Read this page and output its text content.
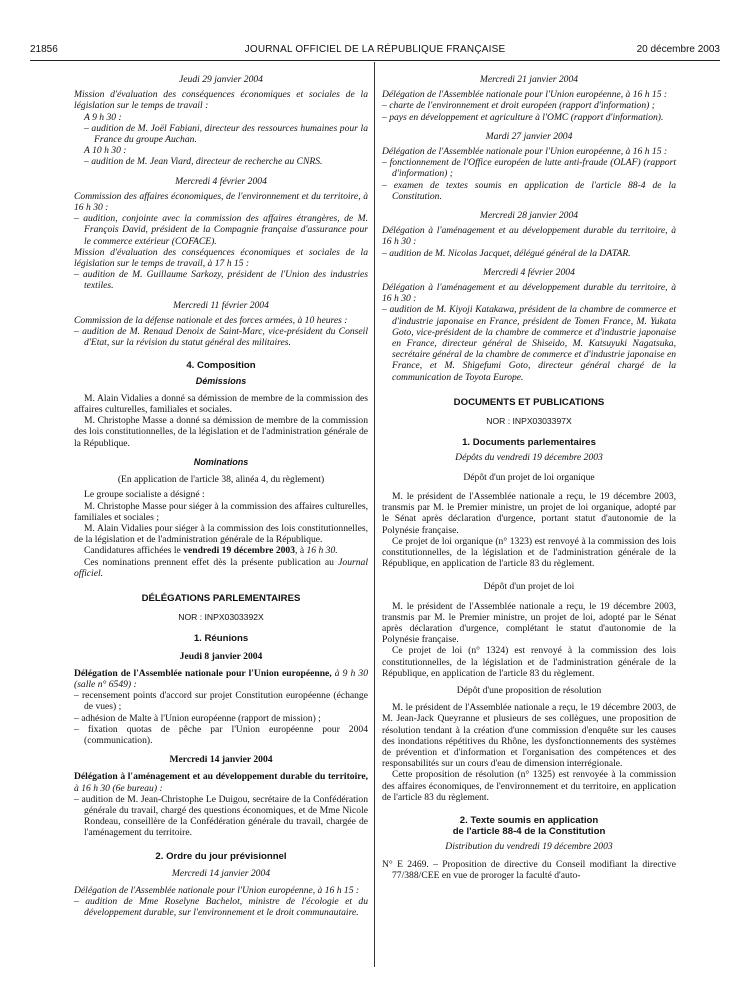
21856	JOURNAL OFFICIEL DE LA RÉPUBLIQUE FRANÇAISE	20 décembre 2003

Jeudi 29 janvier 2004

Mission d'évaluation des conséquences économiques et sociales de la législation sur le temps de travail :

A 9 h 30 :

– audition de M. Joël Fabiani, directeur des ressources humaines pour la France du groupe Auchan.

A 10 h 30 :

– audition de M. Jean Viard, directeur de recherche au CNRS.

Mercredi 4 février 2004

Commission des affaires économiques, de l'environnement et du territoire, à 16 h 30 :

– audition, conjointe avec la commission des affaires étrangères, de M. François David, président de la Compagnie française d'assurance pour le commerce extérieur (COFACE).

Mission d'évaluation des conséquences économiques et sociales de la législation sur le temps de travail, à 17 h 15 :

– audition de M. Guillaume Sarkozy, président de l'Union des industries textiles.

Mercredi 11 février 2004

Commission de la défense nationale et des forces armées, à 10 heures :

– audition de M. Renaud Denoix de Saint-Marc, vice-président du Conseil d'Etat, sur la révision du statut général des militaires.

4. Composition

Démissions

M. Alain Vidalies a donné sa démission de membre de la commission des affaires culturelles, familiales et sociales.

M. Christophe Masse a donné sa démission de membre de la commission des lois constitutionnelles, de la législation et de l'administration générale de la République.

Nominations

(En application de l'article 38, alinéa 4, du règlement)

Le groupe socialiste a désigné :

M. Christophe Masse pour siéger à la commission des affaires culturelles, familiales et sociales ;

M. Alain Vidalies pour siéger à la commission des lois constitutionnelles, de la législation et de l'administration générale de la République.

Candidatures affichées le vendredi 19 décembre 2003, à 16 h 30.

Ces nominations prennent effet dès la présente publication au Journal officiel.

DÉLÉGATIONS PARLEMENTAIRES

NOR : INPX0303392X

1. Réunions

Jeudi 8 janvier 2004

Délégation de l'Assemblée nationale pour l'Union européenne, à 9 h 30 (salle n° 6549) :

– recensement points d'accord sur projet Constitution européenne (échange de vues) ;

– adhésion de Malte à l'Union européenne (rapport de mission) ;

– fixation quotas de pêche par l'Union européenne pour 2004 (communication).

Mercredi 14 janvier 2004

Délégation à l'aménagement et au développement durable du territoire, à 16 h 30 (6e bureau) :

– audition de M. Jean-Christophe Le Duigou, secrétaire de la Confédération générale du travail, chargé des questions économiques, et de Mme Nicole Rondeau, conseillère de la Confédération générale du travail, chargée de l'aménagement du territoire.

2. Ordre du jour prévisionnel

Mercredi 14 janvier 2004

Délégation de l'Assemblée nationale pour l'Union européenne, à 16 h 15 :

– audition de Mme Roselyne Bachelot, ministre de l'écologie et du développement durable, sur l'environnement et le droit communautaire.

Mercredi 21 janvier 2004

Délégation de l'Assemblée nationale pour l'Union européenne, à 16 h 15 :

– charte de l'environnement et droit européen (rapport d'information) ;

– pays en développement et agriculture à l'OMC (rapport d'information).

Mardi 27 janvier 2004

Délégation de l'Assemblée nationale pour l'Union européenne, à 16 h 15 :

– fonctionnement de l'Office européen de lutte anti-fraude (OLAF) (rapport d'information) ;

– examen de textes soumis en application de l'article 88-4 de la Constitution.

Mercredi 28 janvier 2004

Délégation à l'aménagement et au développement durable du territoire, à 16 h 30 :

– audition de M. Nicolas Jacquet, délégué général de la DATAR.

Mercredi 4 février 2004

Délégation à l'aménagement et au développement durable du territoire, à 16 h 30 :

– audition de M. Kiyoji Katakawa, président de la chambre de commerce et d'industrie japonaise en France, président de Tomen France, M. Yukata Goto, vice-président de la chambre de commerce et d'industrie japonaise en France, directeur général de Shiseido, M. Katsuyuki Nagatsuka, secrétaire général de la chambre de commerce et d'industrie japonaise en France, et M. Shigefumi Goto, directeur général chargé de la communication de Toyota Europe.

DOCUMENTS ET PUBLICATIONS

NOR : INPX0303397X

1. Documents parlementaires

Dépôts du vendredi 19 décembre 2003

Dépôt d'un projet de loi organique

M. le président de l'Assemblée nationale a reçu, le 19 décembre 2003, transmis par M. le Premier ministre, un projet de loi organique, adopté par le Sénat après déclaration d'urgence, portant statut d'autonomie de la Polynésie française.

Ce projet de loi organique (n° 1323) est renvoyé à la commission des lois constitutionnelles, de la législation et de l'administration générale de la République, en application de l'article 83 du règlement.

Dépôt d'un projet de loi

M. le président de l'Assemblée nationale a reçu, le 19 décembre 2003, transmis par M. le Premier ministre, un projet de loi, adopté par le Sénat après déclaration d'urgence, complétant le statut d'autonomie de la Polynésie française.

Ce projet de loi (n° 1324) est renvoyé à la commission des lois constitutionnelles, de la législation et de l'administration générale de la République, en application de l'article 83 du règlement.

Dépôt d'une proposition de résolution

M. le président de l'Assemblée nationale a reçu, le 19 décembre 2003, de M. Jean-Jack Queyranne et plusieurs de ses collègues, une proposition de résolution tendant à la création d'une commission d'enquête sur les causes des inondations répétitives du Rhône, les dysfonctionnements des systèmes de prévention et d'information et l'organisation des compétences et des responsabilités sur un cours d'eau de dimension interrégionale.

Cette proposition de résolution (n° 1325) est renvoyée à la commission des affaires économiques, de l'environnement et du territoire, en application de l'article 83 du règlement.

2. Texte soumis en application

de l'article 88-4 de la Constitution

Distribution du vendredi 19 décembre 2003

N° E 2469. – Proposition de directive du Conseil modifiant la directive 77/388/CEE en vue de proroger la faculté d'auto-
